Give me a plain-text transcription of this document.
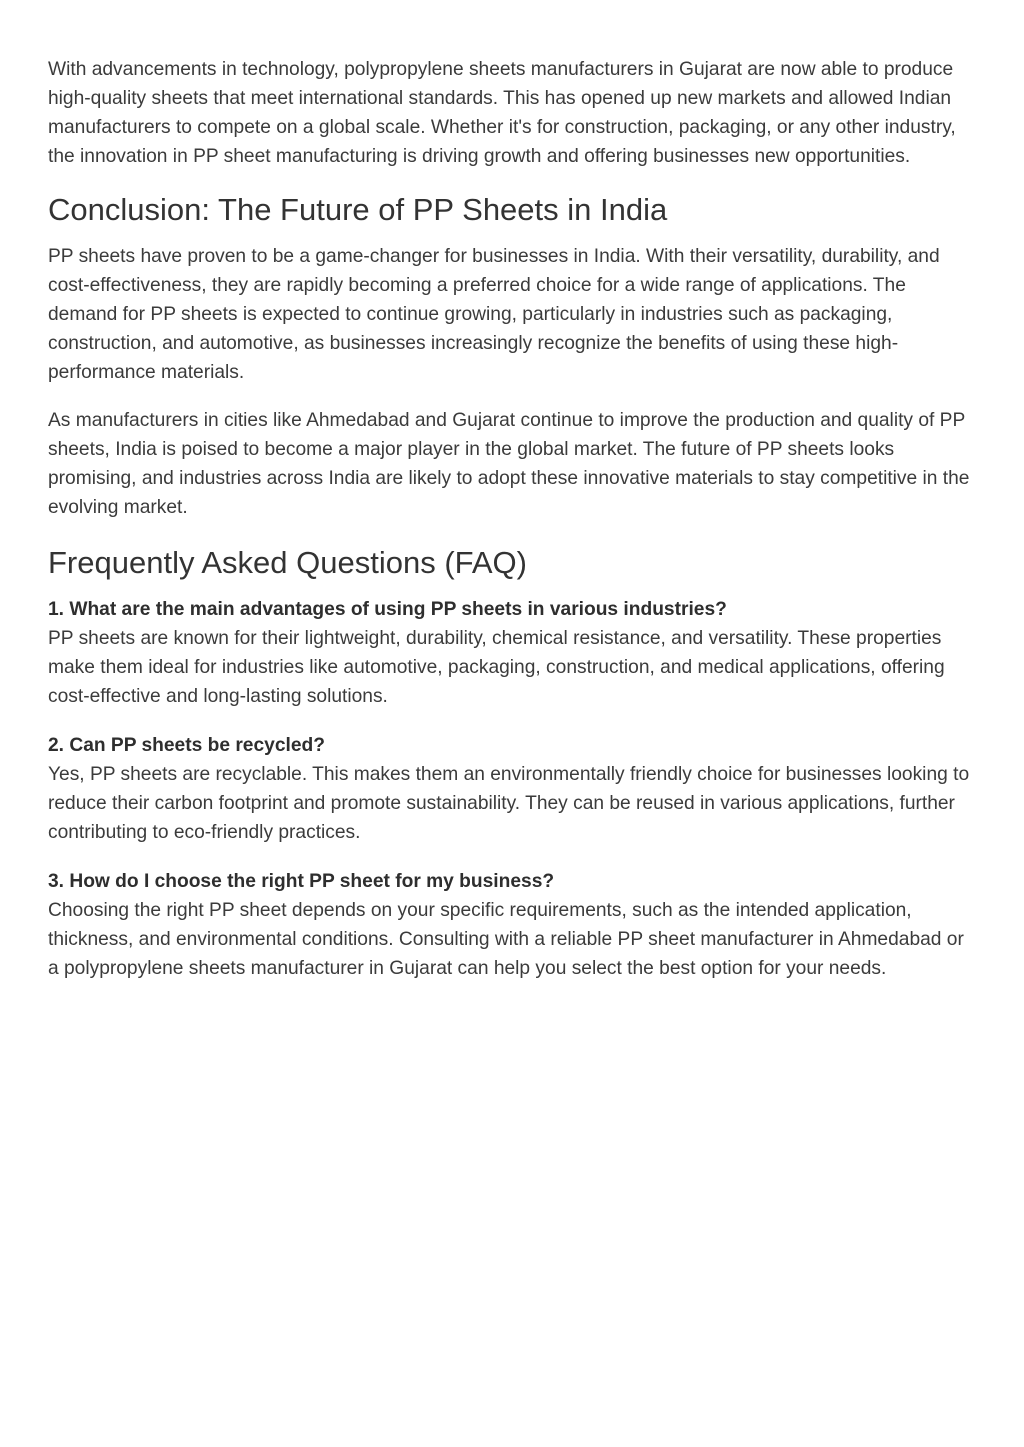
With advancements in technology, polypropylene sheets manufacturers in Gujarat are now able to produce high-quality sheets that meet international standards. This has opened up new markets and allowed Indian manufacturers to compete on a global scale. Whether it's for construction, packaging, or any other industry, the innovation in PP sheet manufacturing is driving growth and offering businesses new opportunities.

Conclusion: The Future of PP Sheets in India

PP sheets have proven to be a game-changer for businesses in India. With their versatility, durability, and cost-effectiveness, they are rapidly becoming a preferred choice for a wide range of applications. The demand for PP sheets is expected to continue growing, particularly in industries such as packaging, construction, and automotive, as businesses increasingly recognize the benefits of using these high-performance materials.

As manufacturers in cities like Ahmedabad and Gujarat continue to improve the production and quality of PP sheets, India is poised to become a major player in the global market. The future of PP sheets looks promising, and industries across India are likely to adopt these innovative materials to stay competitive in the evolving market.

Frequently Asked Questions (FAQ)
1. What are the main advantages of using PP sheets in various industries?
PP sheets are known for their lightweight, durability, chemical resistance, and versatility. These properties make them ideal for industries like automotive, packaging, construction, and medical applications, offering cost-effective and long-lasting solutions.
2. Can PP sheets be recycled?
Yes, PP sheets are recyclable. This makes them an environmentally friendly choice for businesses looking to reduce their carbon footprint and promote sustainability. They can be reused in various applications, further contributing to eco-friendly practices.
3. How do I choose the right PP sheet for my business?
Choosing the right PP sheet depends on your specific requirements, such as the intended application, thickness, and environmental conditions. Consulting with a reliable PP sheet manufacturer in Ahmedabad or a polypropylene sheets manufacturer in Gujarat can help you select the best option for your needs.
